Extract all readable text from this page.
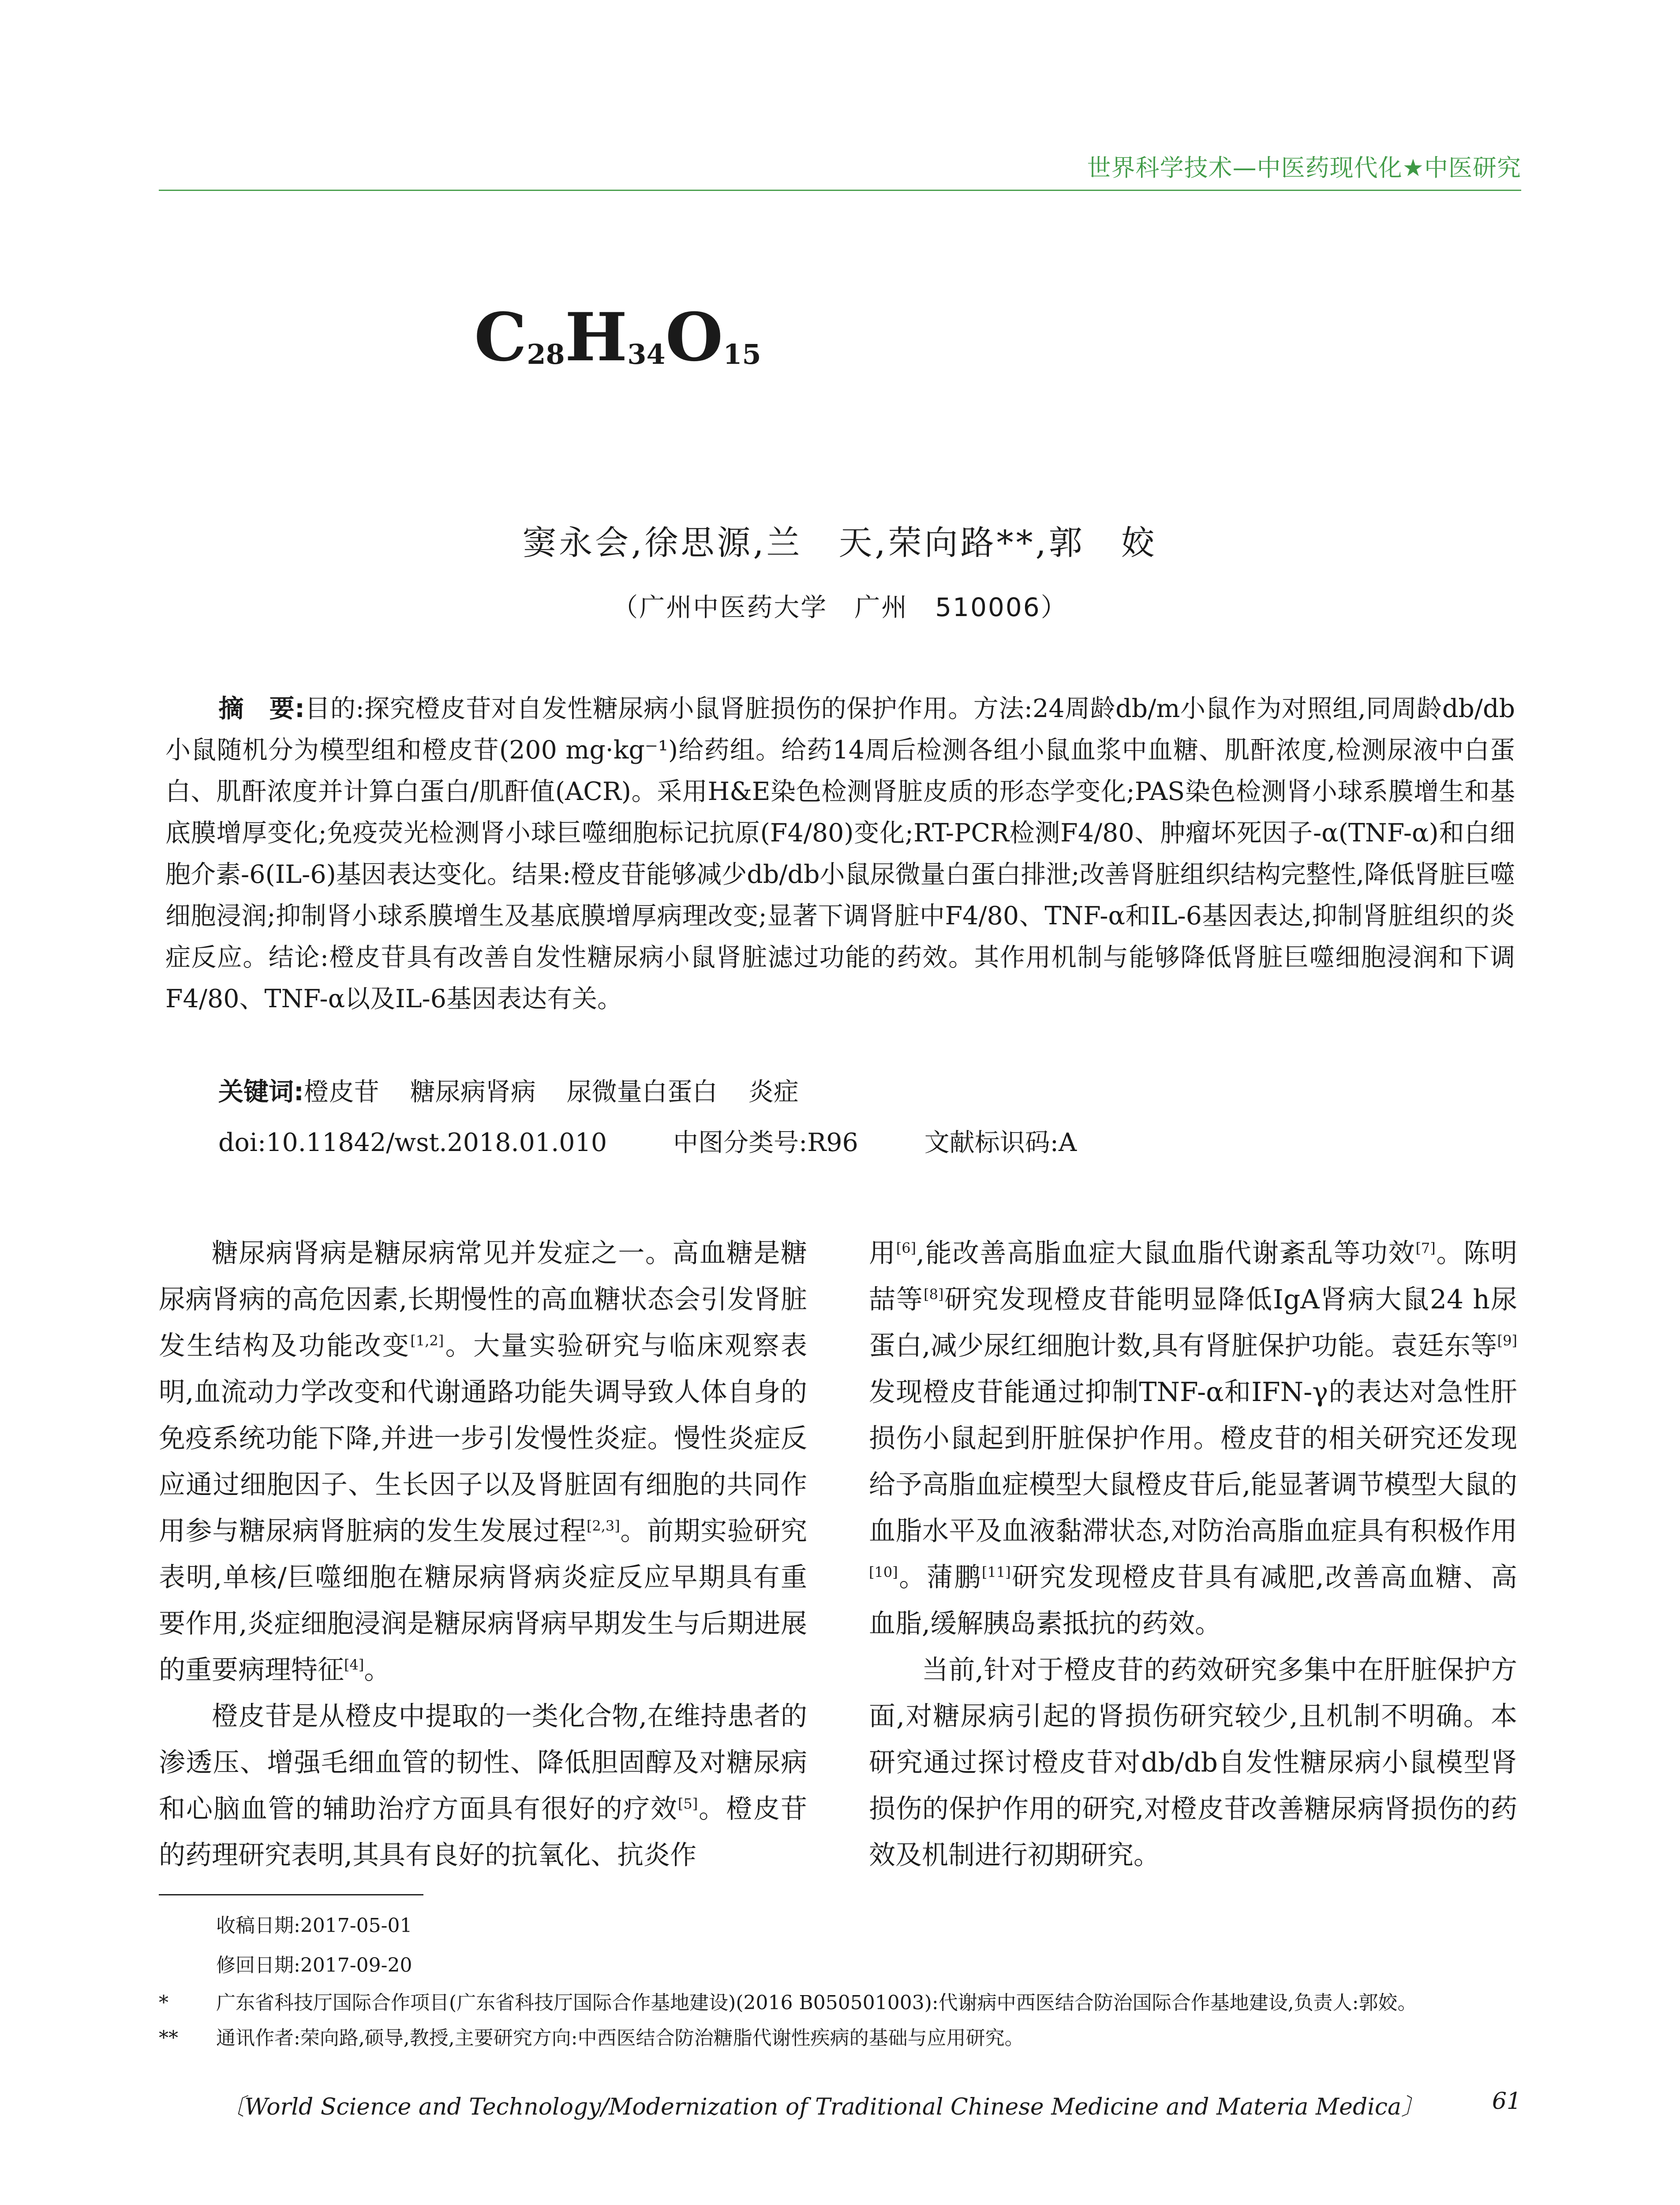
世界科学技术—中医药现代化★中医研究
$C_{28}H_{34}O_{15}$
窦永会,徐思源,兰　天,荣向路**,郭　姣
（广州中医药大学　广州　510006）
摘　要:目的:探究橙皮苷对自发性糖尿病小鼠肾脏损伤的保护作用。方法:24周龄db/m小鼠作为对照组,同周龄db/db小鼠随机分为模型组和橙皮苷(200 mg·kg⁻¹)给药组。给药14周后检测各组小鼠血浆中血糖、肌酐浓度,检测尿液中白蛋白、肌酐浓度并计算白蛋白/肌酐值(ACR)。采用H&E染色检测肾脏皮质的形态学变化;PAS染色检测肾小球系膜增生和基底膜增厚变化;免疫荧光检测肾小球巨噬细胞标记抗原(F4/80)变化;RT-PCR检测F4/80、肿瘤坏死因子-α(TNF-α)和白细胞介素-6(IL-6)基因表达变化。结果:橙皮苷能够减少db/db小鼠尿微量白蛋白排泄;改善肾脏组织结构完整性,降低肾脏巨噬细胞浸润;抑制肾小球系膜增生及基底膜增厚病理改变;显著下调肾脏中F4/80、TNF-α和IL-6基因表达,抑制肾脏组织的炎症反应。结论:橙皮苷具有改善自发性糖尿病小鼠肾脏滤过功能的药效。其作用机制与能够降低肾脏巨噬细胞浸润和下调F4/80、TNF-α以及IL-6基因表达有关。
关键词:橙皮苷 糖尿病肾病 尿微量白蛋白 炎症
doi:10.11842/wst.2018.01.010	中图分类号:R96	文献标识码:A

糖尿病肾病是糖尿病常见并发症之一。高血糖是糖尿病肾病的高危因素,长期慢性的高血糖状态会引发肾脏发生结构及功能改变[1,2]。大量实验研究与临床观察表明,血流动力学改变和代谢通路功能失调导致人体自身的免疫系统功能下降,并进一步引发慢性炎症。慢性炎症反应通过细胞因子、生长因子以及肾脏固有细胞的共同作用参与糖尿病肾脏病的发生发展过程[2,3]。前期实验研究表明,单核/巨噬细胞在糖尿病肾病炎症反应早期具有重要作用,炎症细胞浸润是糖尿病肾病早期发生与后期进展的重要病理特征[4]。

橙皮苷是从橙皮中提取的一类化合物,在维持患者的渗透压、增强毛细血管的韧性、降低胆固醇及对糖尿病和心脑血管的辅助治疗方面具有很好的疗效[5]。橙皮苷的药理研究表明,其具有良好的抗氧化、抗炎作

用[6],能改善高脂血症大鼠血脂代谢紊乱等功效[7]。陈明喆等[8]研究发现橙皮苷能明显降低IgA肾病大鼠24 h尿蛋白,减少尿红细胞计数,具有肾脏保护功能。袁廷东等[9]发现橙皮苷能通过抑制TNF-α和IFN-γ的表达对急性肝损伤小鼠起到肝脏保护作用。橙皮苷的相关研究还发现给予高脂血症模型大鼠橙皮苷后,能显著调节模型大鼠的血脂水平及血液黏滞状态,对防治高脂血症具有积极作用[10]。蒲鹏[11]研究发现橙皮苷具有减肥,改善高血糖、高血脂,缓解胰岛素抵抗的药效。

当前,针对于橙皮苷的药效研究多集中在肝脏保护方面,对糖尿病引起的肾损伤研究较少,且机制不明确。本研究通过探讨橙皮苷对db/db自发性糖尿病小鼠模型肾损伤的保护作用的研究,对橙皮苷改善糖尿病肾损伤的药效及机制进行初期研究。

收稿日期:2017-05-01
修回日期:2017-09-20
* 广东省科技厅国际合作项目(广东省科技厅国际合作基地建设)(2016 B050501003):代谢病中西医结合防治国际合作基地建设,负责人:郭姣。
** 通讯作者:荣向路,硕导,教授,主要研究方向:中西医结合防治糖脂代谢性疾病的基础与应用研究。
〔World Science and Technology/Modernization of Traditional Chinese Medicine and Materia Medica〕	61
